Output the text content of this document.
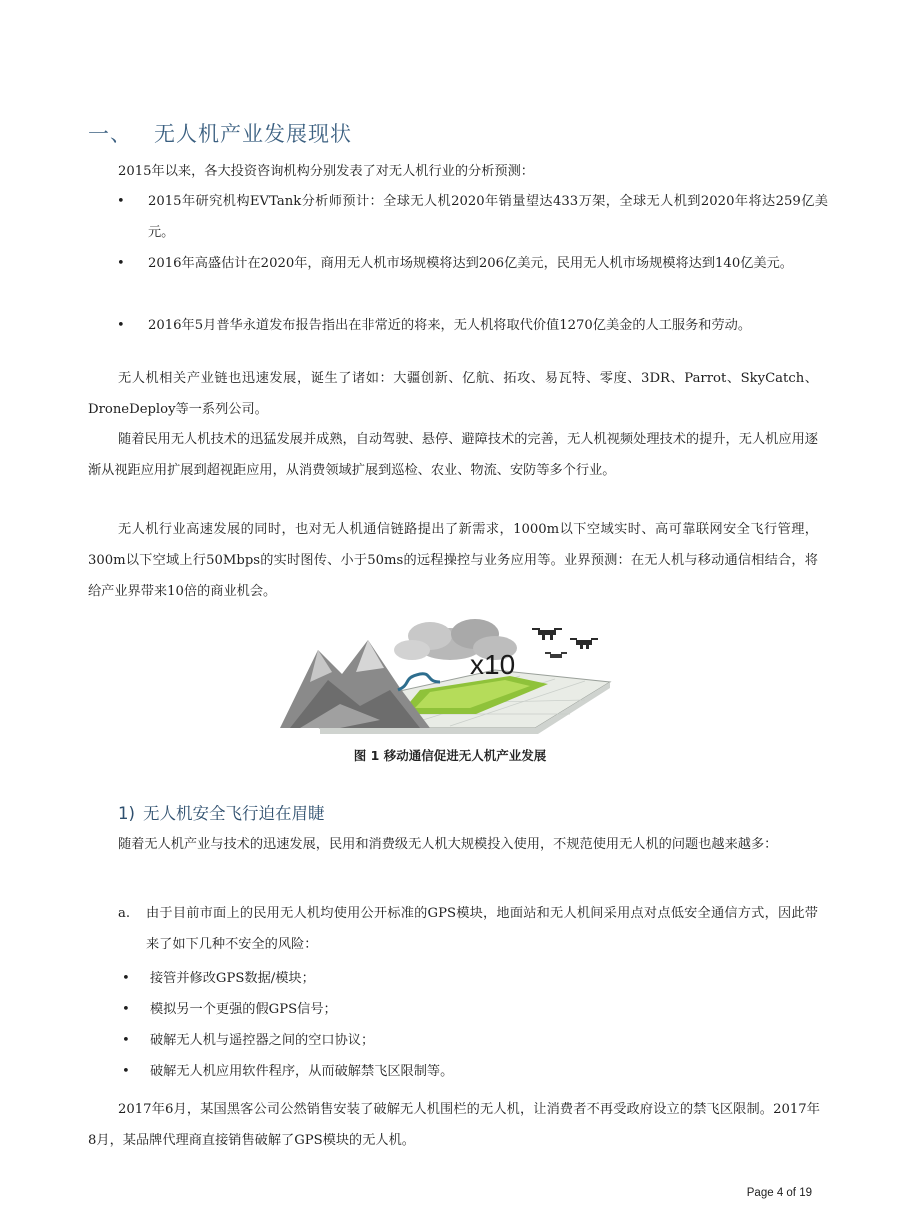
一、 无人机产业发展现状
2015年以来，各大投资咨询机构分别发表了对无人机行业的分析预测：
• 2015年研究机构EVTank分析师预计：全球无人机2020年销量望达433万架，全球无人机到2020年将达259亿美元。
• 2016年高盛估计在2020年，商用无人机市场规模将达到206亿美元，民用无人机市场规模将达到140亿美元。
• 2016年5月普华永道发布报告指出在非常近的将来，无人机将取代价值1270亿美金的人工服务和劳动。
无人机相关产业链也迅速发展，诞生了诸如：大疆创新、亿航、拓攻、易瓦特、零度、3DR、Parrot、SkyCatch、DroneDeploy等一系列公司。
随着民用无人机技术的迅猛发展并成熟，自动驾驶、悬停、避障技术的完善，无人机视频处理技术的提升，无人机应用逐渐从视距应用扩展到超视距应用，从消费领域扩展到巡检、农业、物流、安防等多个行业。
无人机行业高速发展的同时，也对无人机通信链路提出了新需求，1000m以下空域实时、高可靠联网安全飞行管理，300m以下空域上行50Mbps的实时图传、小于50ms的远程操控与业务应用等。业界预测：在无人机与移动通信相结合，将给产业界带来10倍的商业机会。
x10
图 1 移动通信促进无人机产业发展
1) 无人机安全飞行迫在眉睫
随着无人机产业与技术的迅速发展，民用和消费级无人机大规模投入使用，不规范使用无人机的问题也越来越多：
a.	由于目前市面上的民用无人机均使用公开标准的GPS模块，地面站和无人机间采用点对点低安全通信方式，因此带来了如下几种不安全的风险：
• 接管并修改GPS数据/模块；
• 模拟另一个更强的假GPS信号；
• 破解无人机与遥控器之间的空口协议；
• 破解无人机应用软件程序，从而破解禁飞区限制等。
2017年6月，某国黑客公司公然销售安装了破解无人机围栏的无人机，让消费者不再受政府设立的禁飞区限制。2017年8月，某品牌代理商直接销售破解了GPS模块的无人机。
Page 4 of 19
